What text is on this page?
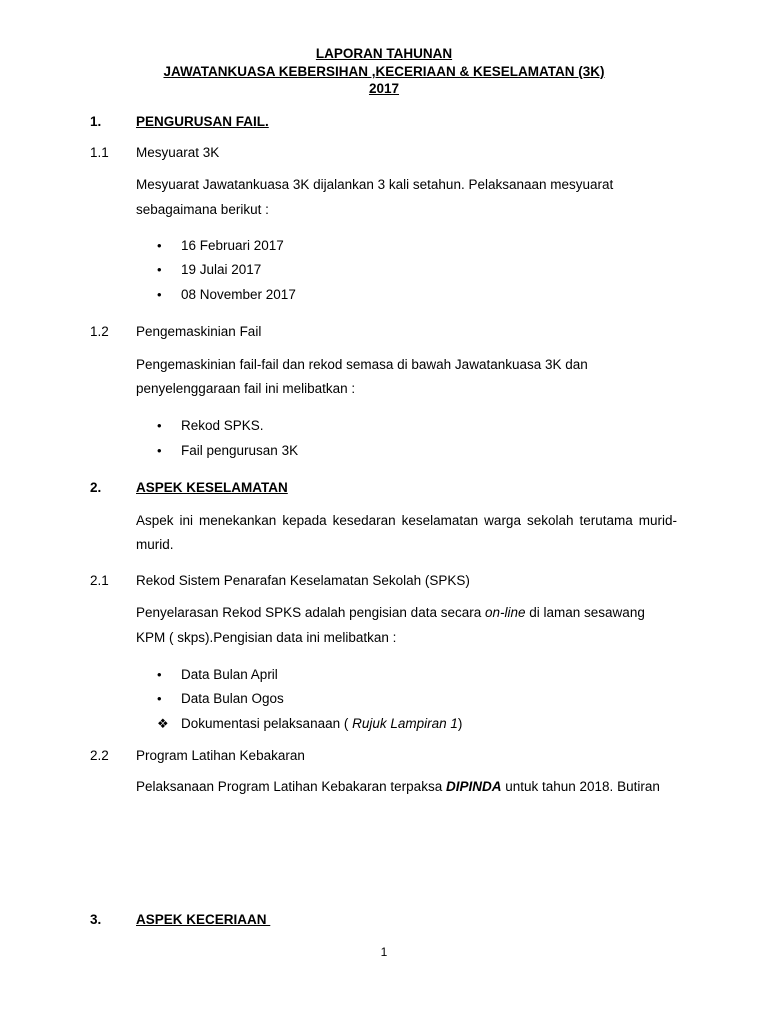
LAPORAN TAHUNAN
JAWATANKUASA KEBERSIHAN ,KECERIAAN & KESELAMATAN (3K)
2017
1.	PENGURUSAN FAIL.
1.1 Mesyuarat 3K
Mesyuarat Jawatankuasa 3K dijalankan 3 kali setahun. Pelaksanaan mesyuarat
sebagaimana berikut :
• 16 Februari 2017
• 19 Julai 2017
• 08 November 2017
1.2 Pengemaskinian Fail
Pengemaskinian fail-fail dan rekod semasa di bawah Jawatankuasa 3K dan
penyelenggaraan fail ini melibatkan :
• Rekod SPKS.
• Fail pengurusan 3K
2.	ASPEK KESELAMATAN
Aspek ini menekankan kepada kesedaran keselamatan warga sekolah terutama murid-
murid.
2.1 Rekod Sistem Penarafan Keselamatan Sekolah (SPKS)
Penyelarasan Rekod SPKS adalah pengisian data secara on-line di laman sesawang
KPM ( skps).Pengisian data ini melibatkan :
• Data Bulan April
• Data Bulan Ogos
❖ Dokumentasi pelaksanaan ( Rujuk Lampiran 1)
2.2 Program Latihan Kebakaran
Pelaksanaan Program Latihan Kebakaran terpaksa DIPINDA untuk tahun 2018. Butiran
3.	ASPEK KECERIAAN
1
